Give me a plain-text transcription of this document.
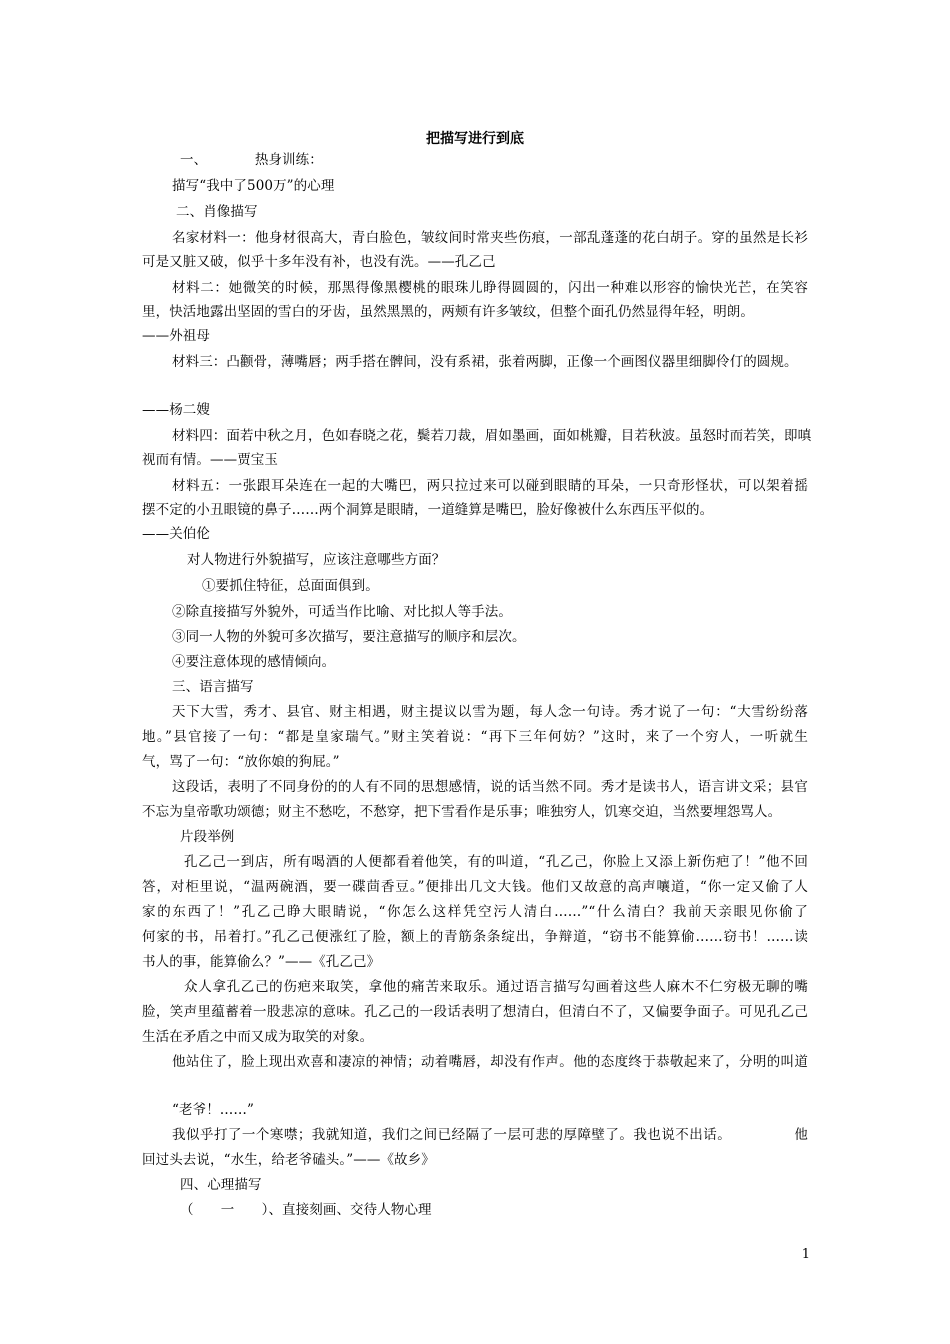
把描写进行到底
一、　　　　热身训练：
描写“我中了500万”的心理
二、肖像描写
名家材料一：他身材很高大，青白脸色，皱纹间时常夹些伤痕，一部乱蓬蓬的花白胡子。穿的虽然是长衫
可是又脏又破，似乎十多年没有补，也没有洗。——孔乙己
材料二：她微笑的时候，那黑得像黑樱桃的眼珠儿睁得圆圆的，闪出一种难以形容的愉快光芒，在笑容
里，快活地露出坚固的雪白的牙齿，虽然黑黑的，两颊有许多皱纹，但整个面孔仍然显得年轻，明朗。
——外祖母
材料三：凸颧骨，薄嘴唇；两手搭在髀间，没有系裙，张着两脚，正像一个画图仪器里细脚伶仃的圆规。
——杨二嫂
材料四：面若中秋之月，色如春晓之花，鬓若刀裁，眉如墨画，面如桃瓣，目若秋波。虽怒时而若笑，即嗔
视而有情。——贾宝玉
材料五：一张跟耳朵连在一起的大嘴巴，两只拉过来可以碰到眼睛的耳朵，一只奇形怪状，可以架着摇
摆不定的小丑眼镜的鼻子……两个洞算是眼睛，一道缝算是嘴巴，脸好像被什么东西压平似的。
——关伯伦
对人物进行外貌描写，应该注意哪些方面？
①要抓住特征，总面面俱到。
②除直接描写外貌外，可适当作比喻、对比拟人等手法。
③同一人物的外貌可多次描写，要注意描写的顺序和层次。
④要注意体现的感情倾向。
三、语言描写
天下大雪，秀才、县官、财主相遇，财主提议以雪为题，每人念一句诗。秀才说了一句：“大雪纷纷落
地。”县官接了一句：“都是皇家瑞气。”财主笑着说：“再下三年何妨？”这时，来了一个穷人，一听就生
气，骂了一句：“放你娘的狗屁。”
这段话，表明了不同身份的的人有不同的思想感情，说的话当然不同。秀才是读书人，语言讲文采；县官
不忘为皇帝歌功颂德；财主不愁吃，不愁穿，把下雪看作是乐事；唯独穷人，饥寒交迫，当然要埋怨骂人。
片段举例
孔乙己一到店，所有喝酒的人便都看着他笑，有的叫道，“孔乙己，你脸上又添上新伤疤了！”他不回
答，对柜里说，“温两碗酒，要一碟茴香豆。”便排出几文大钱。他们又故意的高声嚷道，“你一定又偷了人
家的东西了！”孔乙己睁大眼睛说，“你怎么这样凭空污人清白……”“什么清白？我前天亲眼见你偷了
何家的书，吊着打。”孔乙己便涨红了脸，额上的青筋条条绽出，争辩道，“窃书不能算偷……窃书！……读
书人的事，能算偷么？”——《孔乙己》
众人拿孔乙己的伤疤来取笑，拿他的痛苦来取乐。通过语言描写勾画着这些人麻木不仁穷极无聊的嘴
脸，笑声里蕴蓄着一股悲凉的意味。孔乙己的一段话表明了想清白，但清白不了，又偏要争面子。可见孔乙己
生活在矛盾之中而又成为取笑的对象。
他站住了，脸上现出欢喜和凄凉的神情；动着嘴唇，却没有作声。他的态度终于恭敬起来了，分明的叫道
“老爷！……”
我似乎打了一个寒噤；我就知道，我们之间已经隔了一层可悲的厚障壁了。我也说不出话。　　　　　他
回过头去说，“水生，给老爷磕头。”——《故乡》
四、心理描写
（　　一　　）、直接刻画、交待人物心理
1
